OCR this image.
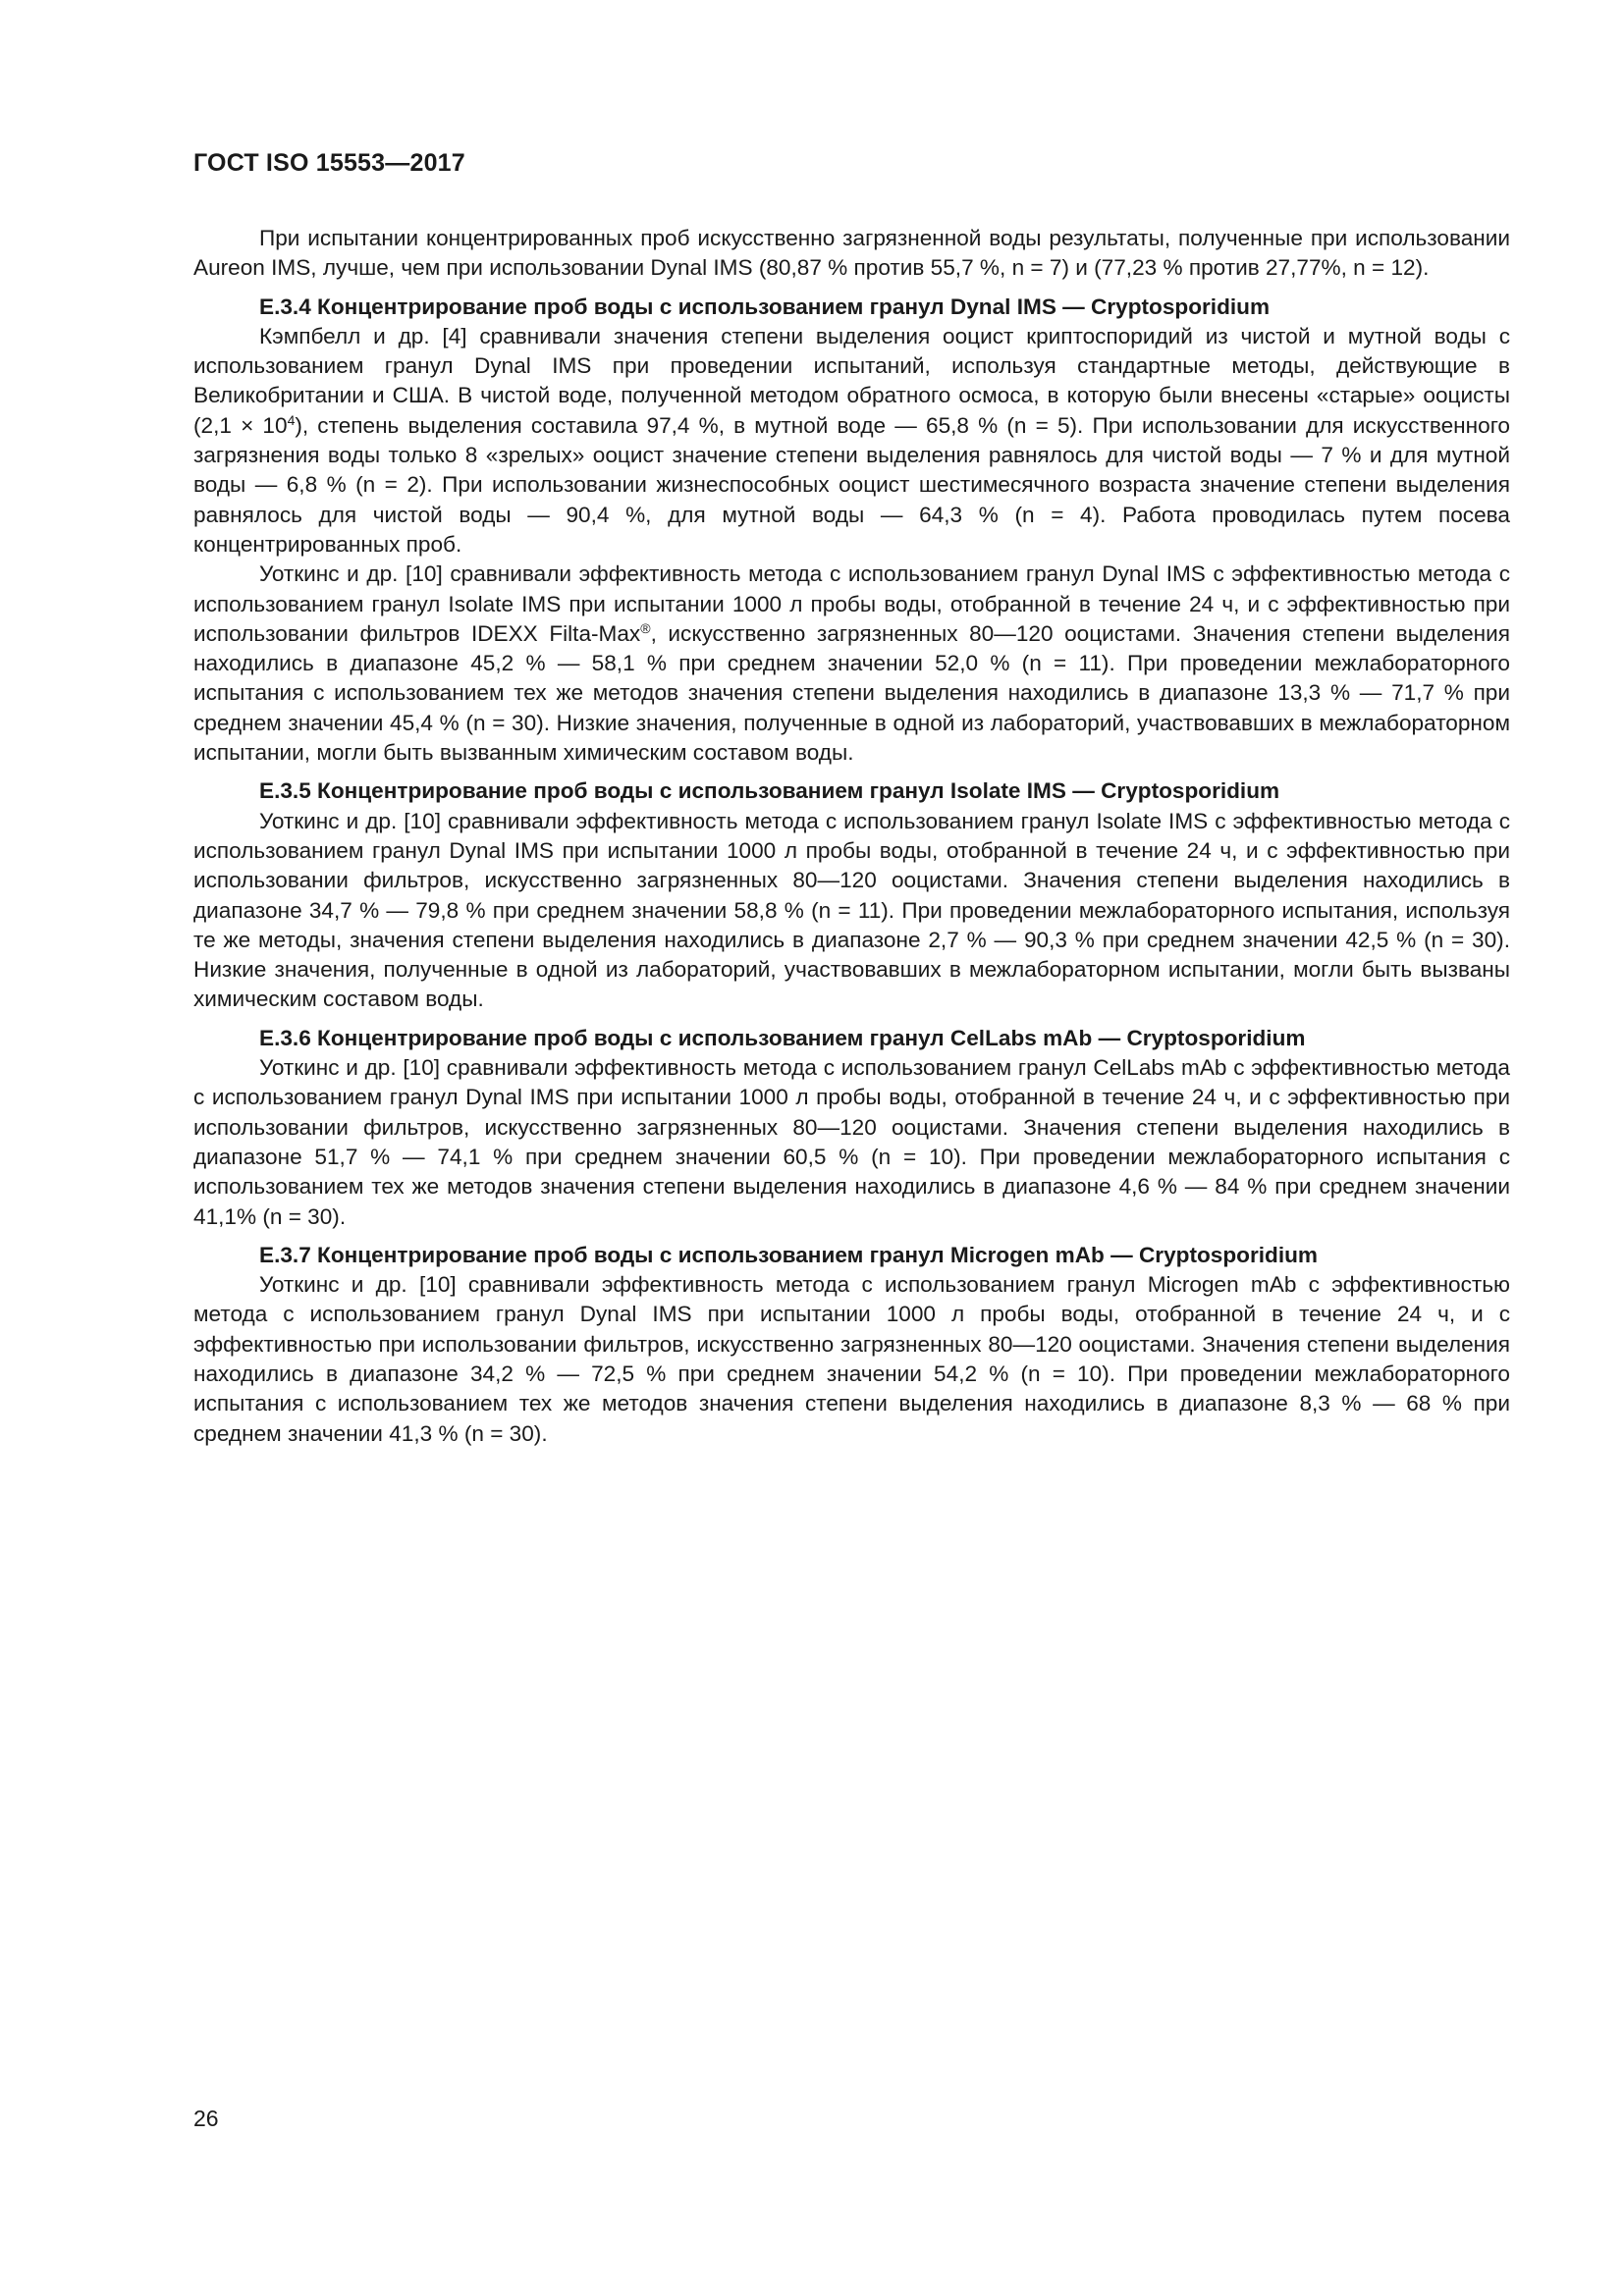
ГОСТ ISO 15553—2017

При испытании концентрированных проб искусственно загрязненной воды результаты, полученные при использовании Aureon IMS, лучше, чем при использовании Dynal IMS (80,87 % против 55,7 %, n = 7) и (77,23 % против 27,77%, n = 12).

Е.3.4 Концентрирование проб воды с использованием гранул Dynal IMS — Cryptosporidium

Кэмпбелл и др. [4] сравнивали значения степени выделения ооцист криптоспоридий из чистой и мутной воды с использованием гранул Dynal IMS при проведении испытаний, используя стандартные методы, действующие в Великобритании и США. В чистой воде, полученной методом обратного осмоса, в которую были внесены «старые» ооцисты $(2,1 \times 10^4)$, степень выделения составила 97,4 %, в мутной воде — 65,8 % (n = 5). При использовании для искусственного загрязнения воды только 8 «зрелых» ооцист значение степени выделения равнялось для чистой воды — 7 % и для мутной воды — 6,8 % (n = 2). При использовании жизнеспособных ооцист шестимесячного возраста значение степени выделения равнялось для чистой воды — 90,4 %, для мутной воды — 64,3 % (n = 4). Работа проводилась путем посева концентрированных проб.

Уоткинс и др. [10] сравнивали эффективность метода с использованием гранул Dynal IMS с эффективностью метода с использованием гранул Isolate IMS при испытании 1000 л пробы воды, отобранной в течение 24 ч, и с эффективностью при использовании фильтров IDEXX Filta-Max®, искусственно загрязненных 80—120 ооцистами. Значения степени выделения находились в диапазоне 45,2 % — 58,1 % при среднем значении 52,0 % (n = 11). При проведении межлабораторного испытания с использованием тех же методов значения степени выделения находились в диапазоне 13,3 % — 71,7 % при среднем значении 45,4 % (n = 30). Низкие значения, полученные в одной из лабораторий, участвовавших в межлабораторном испытании, могли быть вызванным химическим составом воды.

Е.3.5 Концентрирование проб воды с использованием гранул Isolate IMS — Cryptosporidium

Уоткинс и др. [10] сравнивали эффективность метода с использованием гранул Isolate IMS с эффективностью метода с использованием гранул Dynal IMS при испытании 1000 л пробы воды, отобранной в течение 24 ч, и с эффективностью при использовании фильтров, искусственно загрязненных 80—120 ооцистами. Значения степени выделения находились в диапазоне 34,7 % — 79,8 % при среднем значении 58,8 % (n = 11). При проведении межлабораторного испытания, используя те же методы, значения степени выделения находились в диапазоне 2,7 % — 90,3 % при среднем значении 42,5 % (n = 30). Низкие значения, полученные в одной из лабораторий, участвовавших в межлабораторном испытании, могли быть вызваны химическим составом воды.

Е.3.6 Концентрирование проб воды с использованием гранул CelLabs mAb — Cryptosporidium

Уоткинс и др. [10] сравнивали эффективность метода с использованием гранул CelLabs mAb с эффективностью метода с использованием гранул Dynal IMS при испытании 1000 л пробы воды, отобранной в течение 24 ч, и с эффективностью при использовании фильтров, искусственно загрязненных 80—120 ооцистами. Значения степени выделения находились в диапазоне 51,7 % — 74,1 % при среднем значении 60,5 % (n = 10). При проведении межлабораторного испытания с использованием тех же методов значения степени выделения находились в диапазоне 4,6 % — 84 % при среднем значении 41,1% (n = 30).

Е.3.7 Концентрирование проб воды с использованием гранул Microgen mAb — Cryptosporidium

Уоткинс и др. [10] сравнивали эффективность метода с использованием гранул Microgen mAb с эффективностью метода с использованием гранул Dynal IMS при испытании 1000 л пробы воды, отобранной в течение 24 ч, и с эффективностью при использовании фильтров, искусственно загрязненных 80—120 ооцистами. Значения степени выделения находились в диапазоне 34,2 % — 72,5 % при среднем значении 54,2 % (n = 10). При проведении межлабораторного испытания с использованием тех же методов значения степени выделения находились в диапазоне 8,3 % — 68 % при среднем значении 41,3 % (n = 30).

26
